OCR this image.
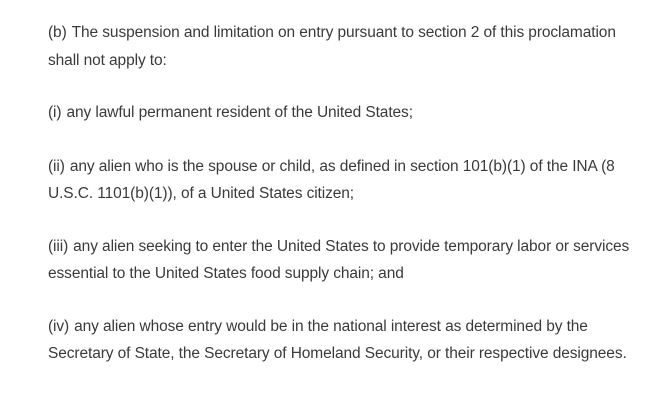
(b) The suspension and limitation on entry pursuant to section 2 of this proclamation shall not apply to:

(i) any lawful permanent resident of the United States;

(ii) any alien who is the spouse or child, as defined in section 101(b)(1) of the INA (8 U.S.C. 1101(b)(1)), of a United States citizen;

(iii) any alien seeking to enter the United States to provide temporary labor or services essential to the United States food supply chain; and

(iv) any alien whose entry would be in the national interest as determined by the Secretary of State, the Secretary of Homeland Security, or their respective designees.
